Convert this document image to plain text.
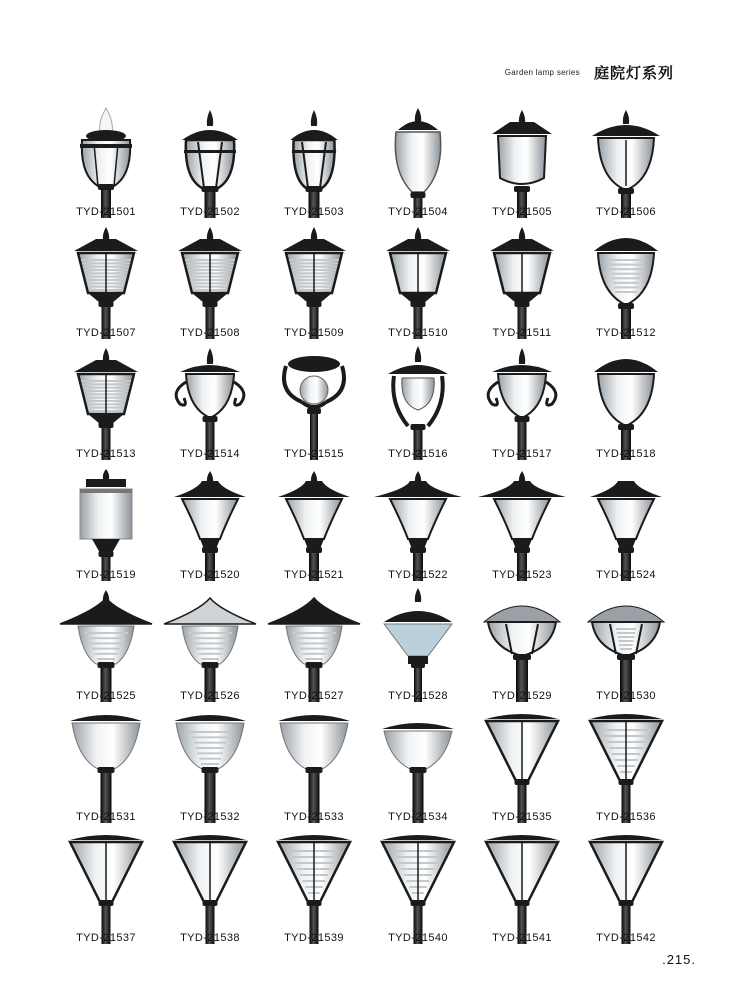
Garden lamp series 庭院灯系列
TYD-21501	TYD-21502	TYD-21503	TYD-21504	TYD-21505	TYD-21506
TYD-21507	TYD-21508	TYD-21509	TYD-21510	TYD-21511	TYD-21512
TYD-21513	TYD-21514	TYD-21515	TYD-21516	TYD-21517	TYD-21518
TYD-21519	TYD-21520	TYD-21521	TYD-21522	TYD-21523	TYD-21524
TYD-21525	TYD-21526	TYD-21527	TYD-21528	TYD-21529	TYD-21530
TYD-21531	TYD-21532	TYD-21533	TYD-21534	TYD-21535	TYD-21536
TYD-21537	TYD-21538	TYD-21539	TYD-21540	TYD-21541	TYD-21542
.215.
